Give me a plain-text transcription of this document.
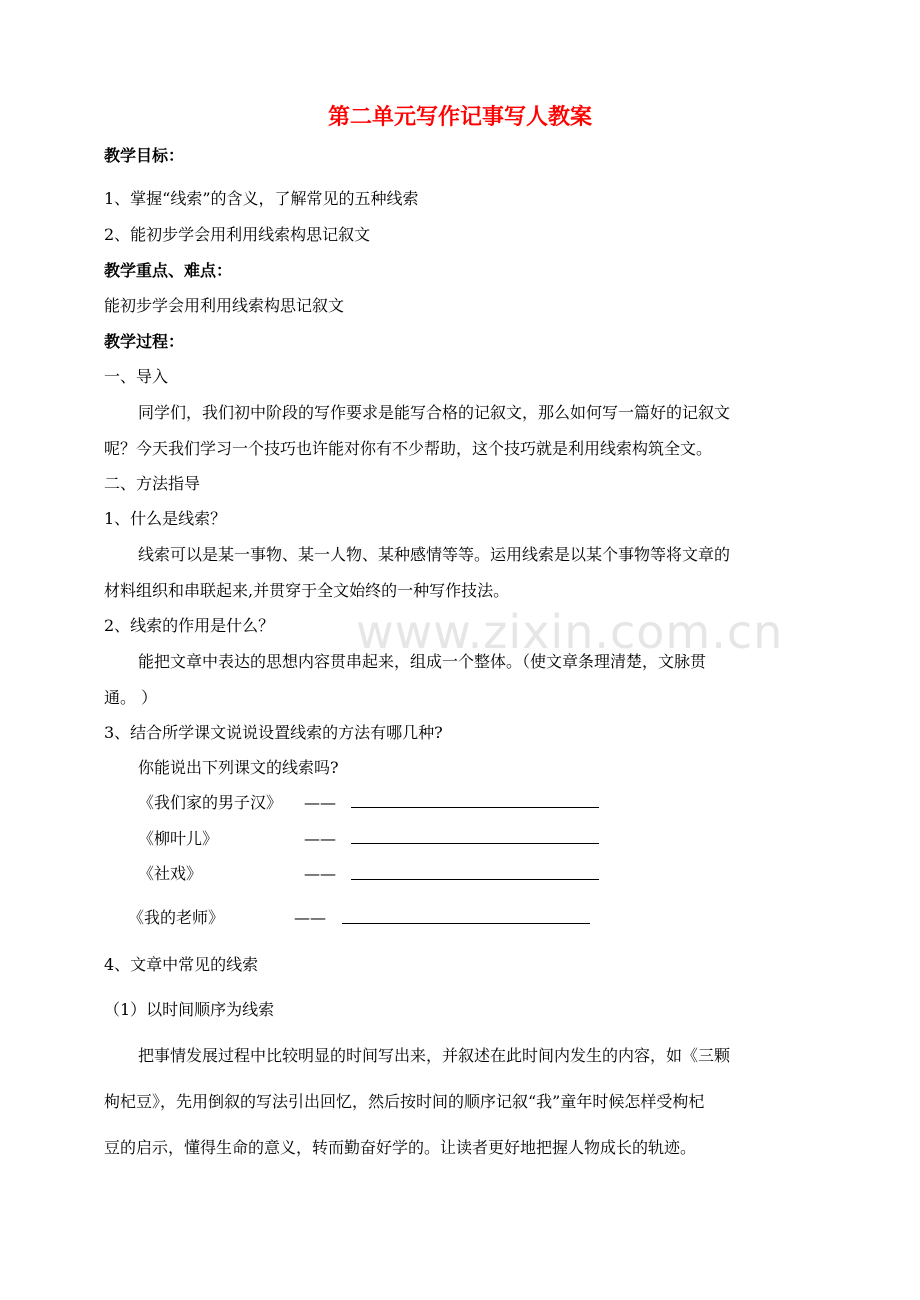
www.zixin.com.cn
第二单元写作记事写人教案
教学目标：
1、掌握“线索”的含义，了解常见的五种线索
2、能初步学会用利用线索构思记叙文
教学重点、难点：
能初步学会用利用线索构思记叙文
教学过程：
一、导入
同学们，我们初中阶段的写作要求是能写合格的记叙文，那么如何写一篇好的记叙文
呢？今天我们学习一个技巧也许能对你有不少帮助，这个技巧就是利用线索构筑全文。
二、方法指导
1、什么是线索？
线索可以是某一事物、某一人物、某种感情等等。运用线索是以某个事物等将文章的
材料组织和串联起来,并贯穿于全文始终的一种写作技法。
2、线索的作用是什么？
能把文章中表达的思想内容贯串起来，组成一个整体。（使文章条理清楚，文脉贯
通。 ）
3、结合所学课文说说设置线索的方法有哪几种?
你能说出下列课文的线索吗?
《我们家的男子汉》 ——
《柳叶儿》	——
《社戏》	——
《我的老师》	——
4、文章中常见的线索
（1）以时间顺序为线索
把事情发展过程中比较明显的时间写出来，并叙述在此时间内发生的内容，如《三颗
枸杞豆》，先用倒叙的写法引出回忆，然后按时间的顺序记叙“我”童年时候怎样受枸杞
豆的启示，懂得生命的意义，转而勤奋好学的。让读者更好地把握人物成长的轨迹。
